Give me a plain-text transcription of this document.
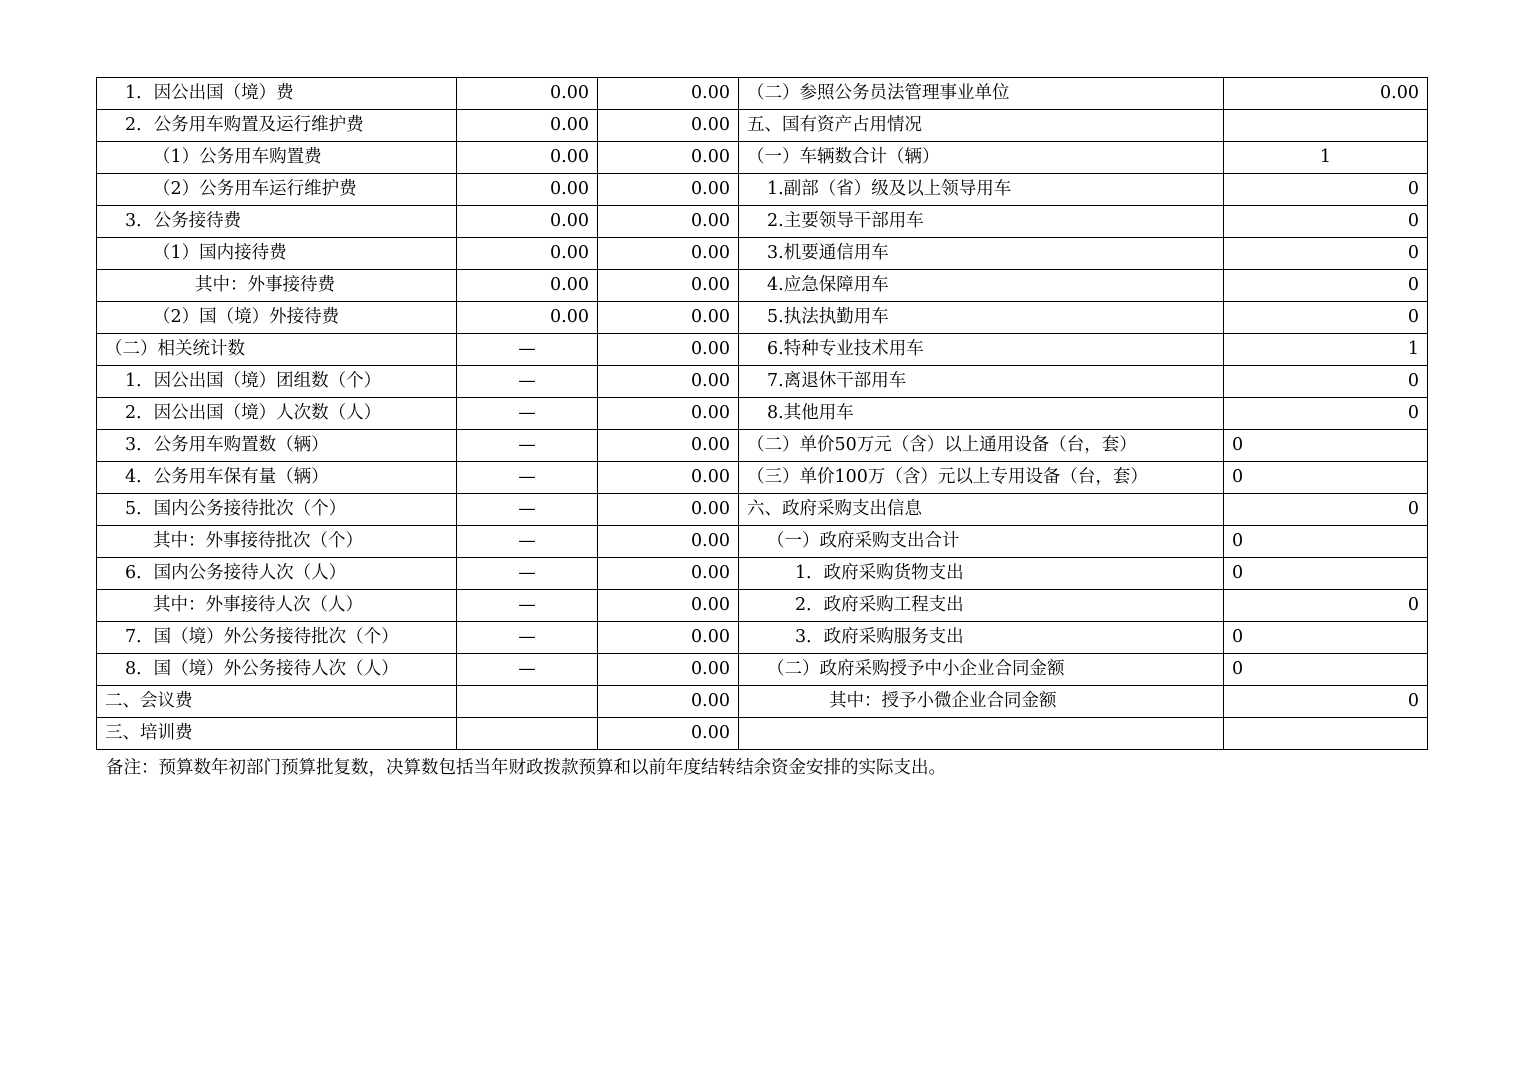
1．因公出国（境）费	0.00	0.00	（二）参照公务员法管理事业单位	0.00
2．公务用车购置及运行维护费	0.00	0.00	五、国有资产占用情况	
（1）公务用车购置费	0.00	0.00	（一）车辆数合计（辆）	1
（2）公务用车运行维护费	0.00	0.00	1.副部（省）级及以上领导用车	0
3．公务接待费	0.00	0.00	2.主要领导干部用车	0
（1）国内接待费	0.00	0.00	3.机要通信用车	0
其中：外事接待费	0.00	0.00	4.应急保障用车	0
（2）国（境）外接待费	0.00	0.00	5.执法执勤用车	0
（二）相关统计数	—	0.00	6.特种专业技术用车	1
1．因公出国（境）团组数（个）	—	0.00	7.离退休干部用车	0
2．因公出国（境）人次数（人）	—	0.00	8.其他用车	0
3．公务用车购置数（辆）	—	0.00	（二）单价50万元（含）以上通用设备（台，套）	0
4．公务用车保有量（辆）	—	0.00	（三）单价100万（含）元以上专用设备（台，套）	0
5．国内公务接待批次（个）	—	0.00	六、政府采购支出信息	0
其中：外事接待批次（个）	—	0.00	（一）政府采购支出合计	0
6．国内公务接待人次（人）	—	0.00	1．政府采购货物支出	0
其中：外事接待人次（人）	—	0.00	2．政府采购工程支出	0
7．国（境）外公务接待批次（个）	—	0.00	3．政府采购服务支出	0
8．国（境）外公务接待人次（人）	—	0.00	（二）政府采购授予中小企业合同金额	0
二、会议费		0.00	其中：授予小微企业合同金额	0
三、培训费		0.00		
备注：预算数年初部门预算批复数，决算数包括当年财政拨款预算和以前年度结转结余资金安排的实际支出。
